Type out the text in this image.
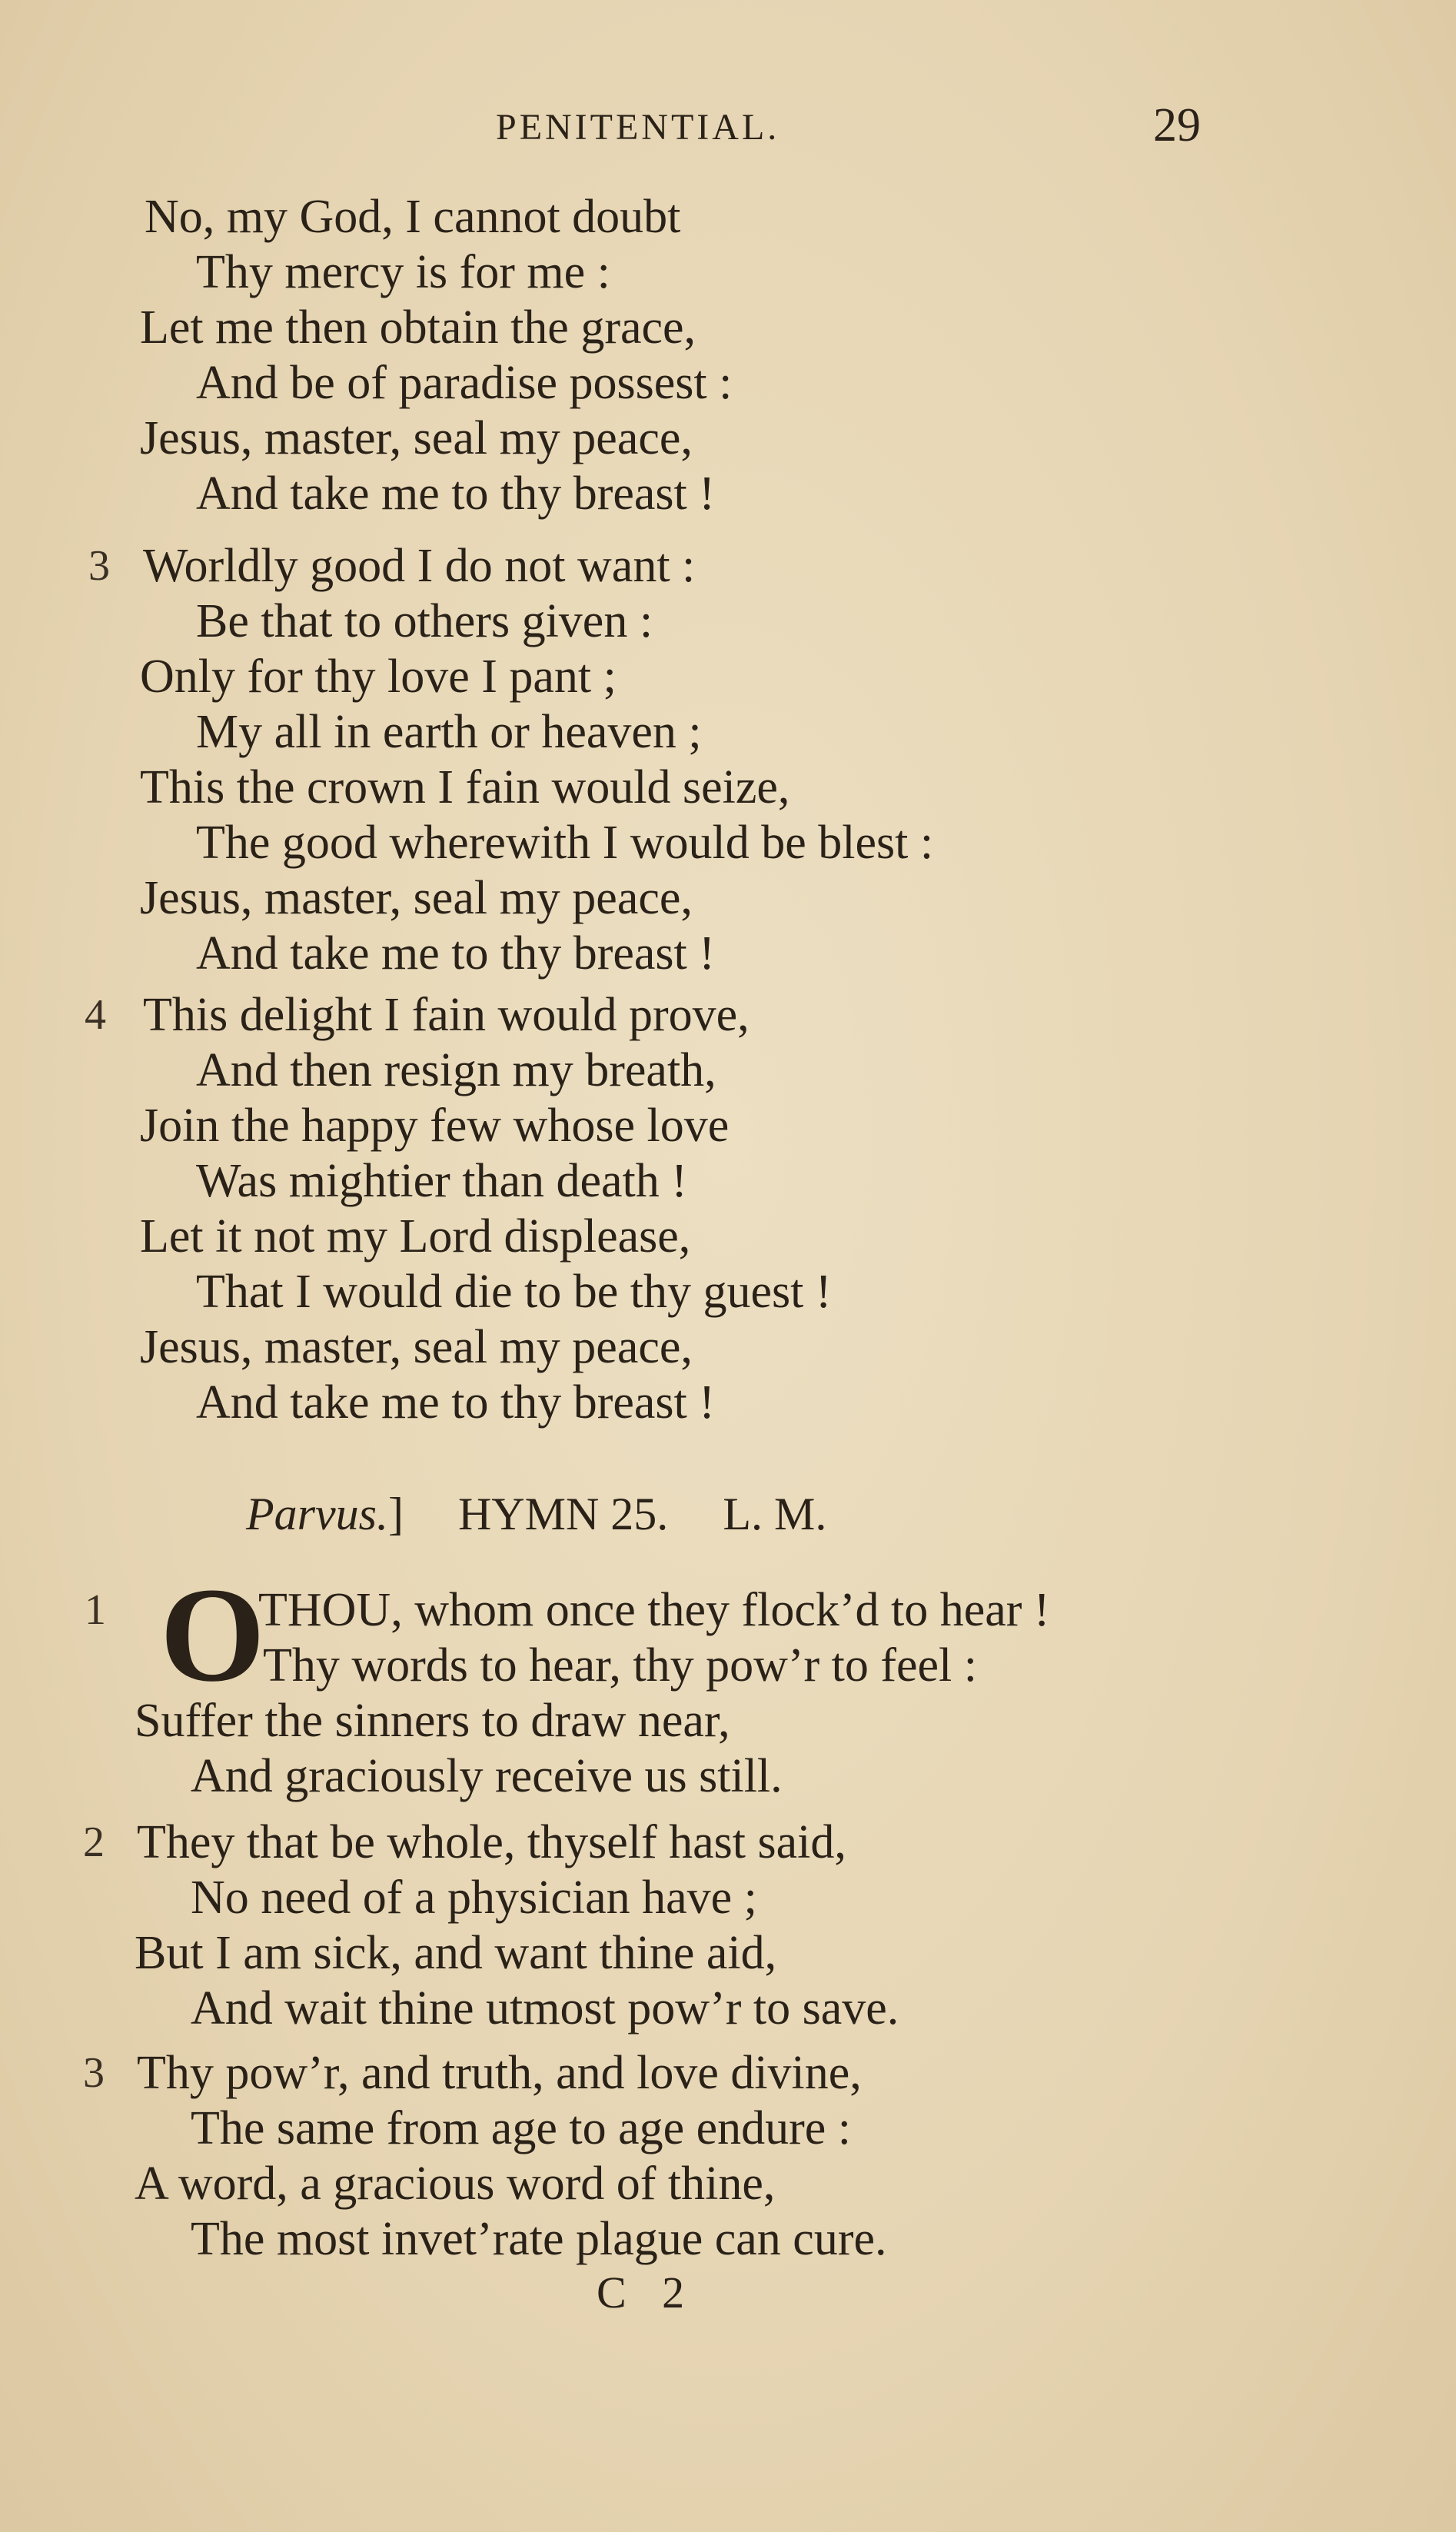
PENITENTIAL.	29
No, my God, I cannot doubt
Thy mercy is for me :
Let me then obtain the grace,
And be of paradise possest :
Jesus, master, seal my peace,
And take me to thy breast !
3 Worldly good I do not want :
Be that to others given :
Only for thy love I pant ;
My all in earth or heaven ;
This the crown I fain would seize,
The good wherewith I would be blest :
Jesus, master, seal my peace,
And take me to thy breast !
4 This delight I fain would prove,
And then resign my breath,
Join the happy few whose love
Was mightier than death !
Let it not my Lord displease,
That I would die to be thy guest !
Jesus, master, seal my peace,
And take me to thy breast !
Parvus.] HYMN 25. L. M.
1 O
THOU, whom once they flock’d to hear !
Thy words to hear, thy pow’r to feel :
Suffer the sinners to draw near,
And graciously receive us still.
2 They that be whole, thyself hast said,
No need of a physician have ;
But I am sick, and want thine aid,
And wait thine utmost pow’r to save.
3 Thy pow’r, and truth, and love divine,
The same from age to age endure :
A word, a gracious word of thine,
The most invet’rate plague can cure.
C 2
